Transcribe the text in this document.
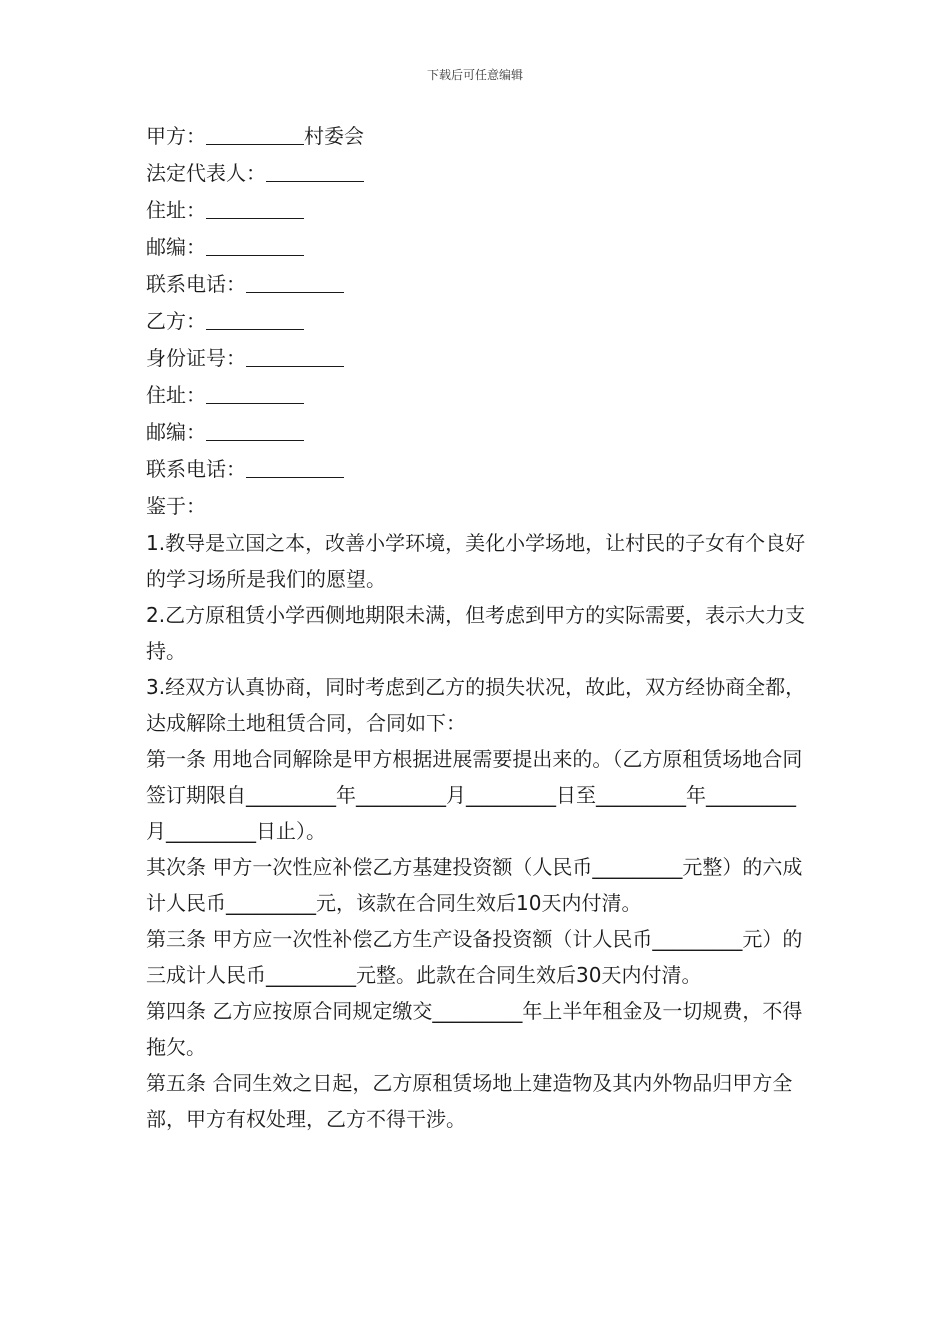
下载后可任意编辑
甲方：	村委会
法定代表人：
住址：
邮编：
联系电话：
乙方：
身份证号：
住址：
邮编：
联系电话：
鉴于：
1.教导是立国之本，改善小学环境，美化小学场地，让村民的子女有个良好的学习场所是我们的愿望。
2.乙方原租赁小学西侧地期限未满，但考虑到甲方的实际需要，表示大力支持。
3.经双方认真协商，同时考虑到乙方的损失状况，故此，双方经协商全都，达成解除土地租赁合同，合同如下：
第一条 用地合同解除是甲方根据进展需要提出来的。（乙方原租赁场地合同签订期限自_________年_________月_________日至_________年_________月_________日止）。
其次条 甲方一次性应补偿乙方基建投资额（人民币_________元整）的六成计人民币_________元，该款在合同生效后10天内付清。
第三条 甲方应一次性补偿乙方生产设备投资额（计人民币_________元）的三成计人民币_________元整。此款在合同生效后30天内付清。
第四条 乙方应按原合同规定缴交_________年上半年租金及一切规费，不得拖欠。
第五条 合同生效之日起，乙方原租赁场地上建造物及其内外物品归甲方全部，甲方有权处理，乙方不得干涉。
